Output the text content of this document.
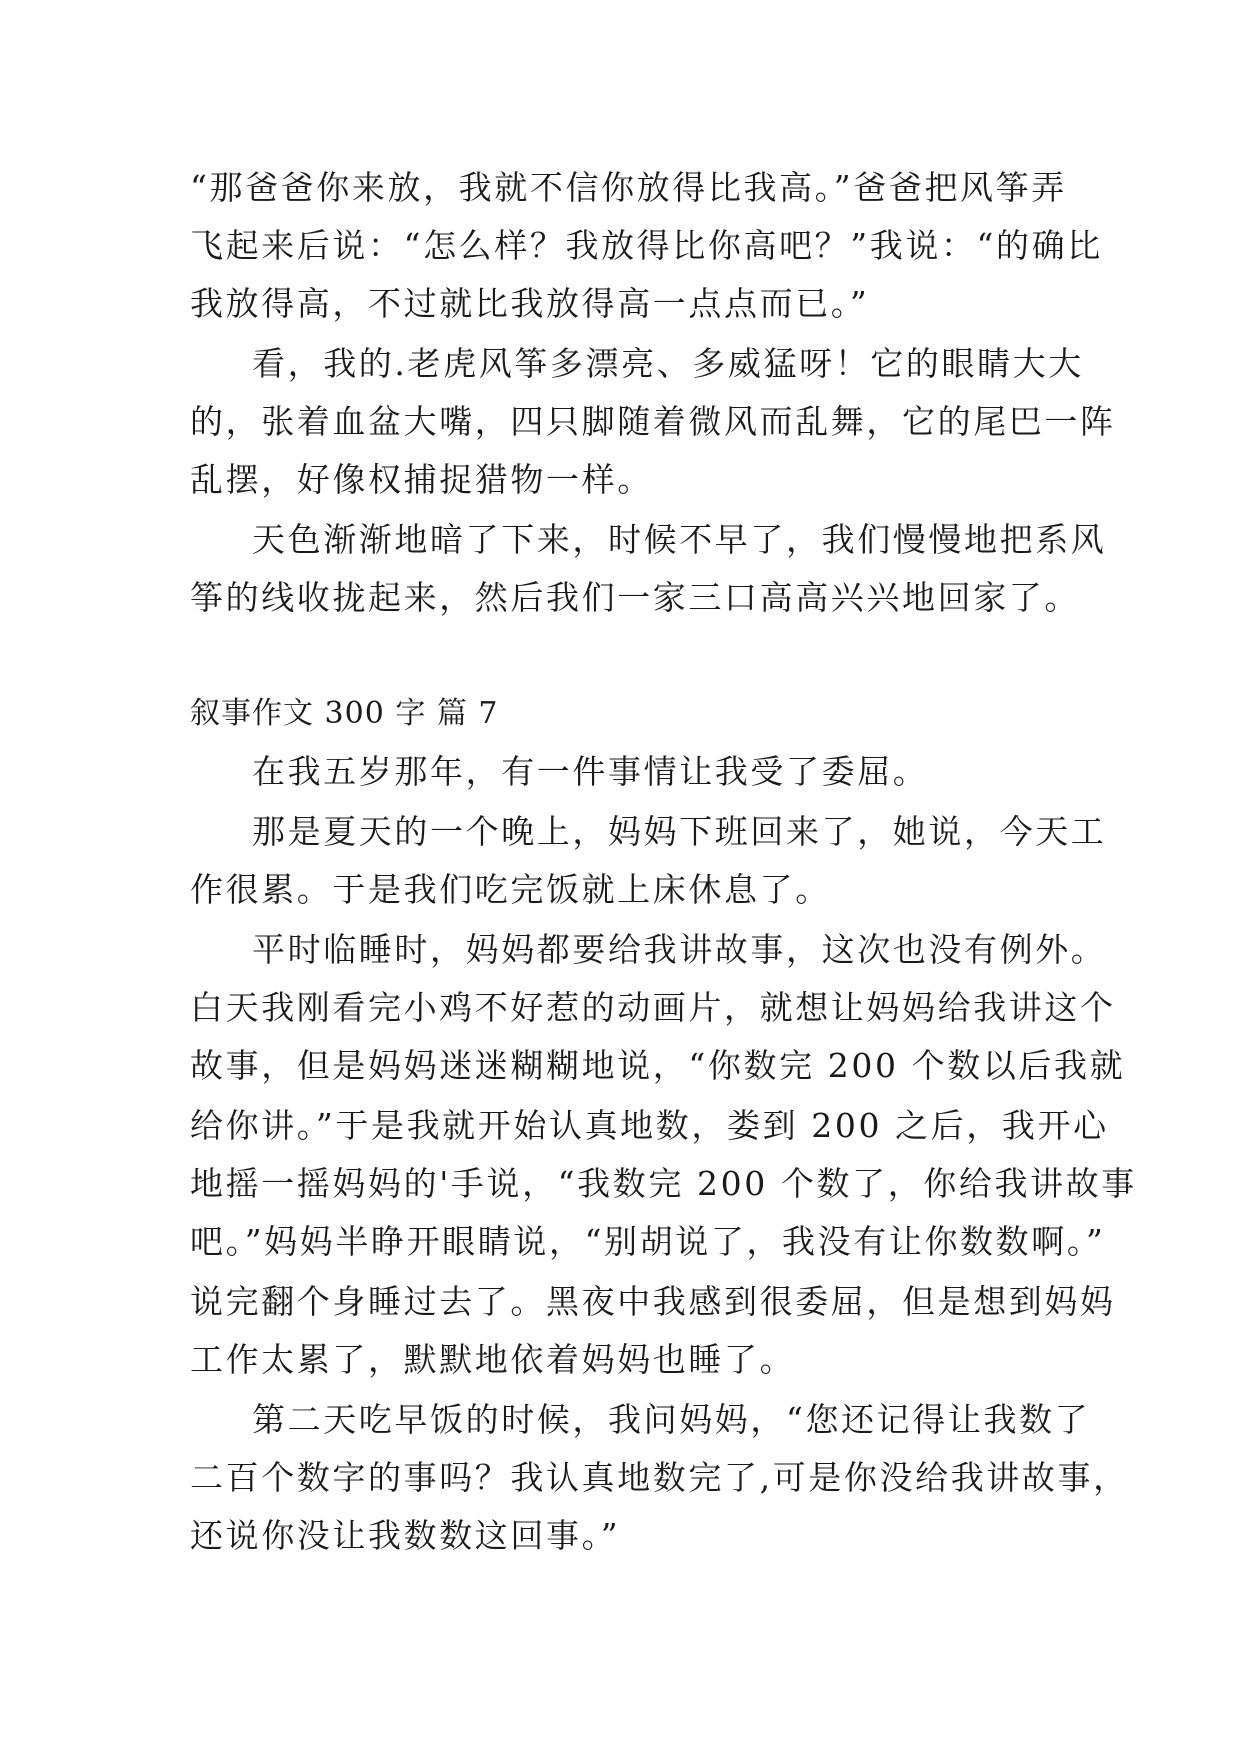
“那爸爸你来放，我就不信你放得比我高。”爸爸把风筝弄
飞起来后说：“怎么样？我放得比你高吧？”我说：“的确比
我放得高，不过就比我放得高一点点而已。”
看，我的.老虎风筝多漂亮、多威猛呀！它的眼睛大大
的，张着血盆大嘴，四只脚随着微风而乱舞，它的尾巴一阵
乱摆，好像权捕捉猎物一样。
天色渐渐地暗了下来，时候不早了，我们慢慢地把系风
筝的线收拢起来，然后我们一家三口高高兴兴地回家了。
叙事作文 300 字 篇 7
在我五岁那年，有一件事情让我受了委屈。
那是夏天的一个晚上，妈妈下班回来了，她说，今天工
作很累。于是我们吃完饭就上床休息了。
平时临睡时，妈妈都要给我讲故事，这次也没有例外。
白天我刚看完小鸡不好惹的动画片，就想让妈妈给我讲这个
故事，但是妈妈迷迷糊糊地说，“你数完 200 个数以后我就
给你讲。”于是我就开始认真地数，娄到 200 之后，我开心
地摇一摇妈妈的'手说，“我数完 200 个数了，你给我讲故事
吧。”妈妈半睁开眼睛说，“别胡说了，我没有让你数数啊。”
说完翻个身睡过去了。黑夜中我感到很委屈，但是想到妈妈
工作太累了，默默地依着妈妈也睡了。
第二天吃早饭的时候，我问妈妈，“您还记得让我数了
二百个数字的事吗？我认真地数完了,可是你没给我讲故事，
还说你没让我数数这回事。”
